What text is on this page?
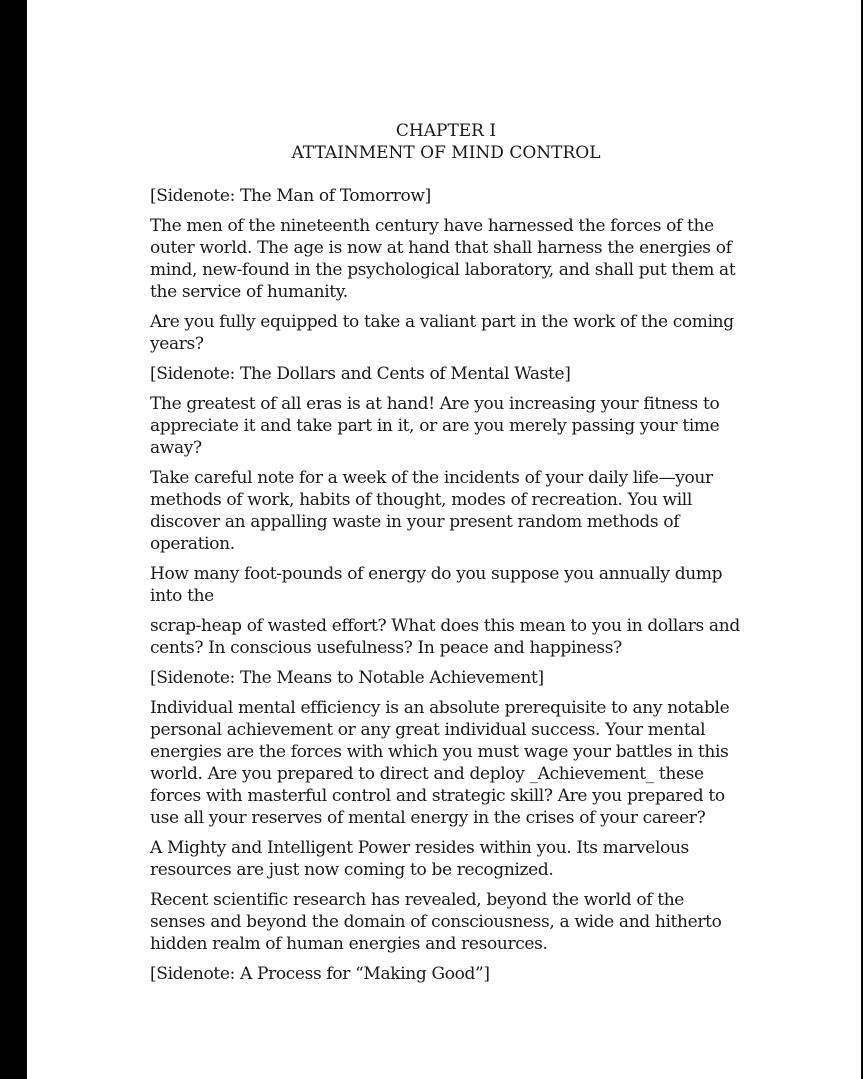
CHAPTER I
ATTAINMENT OF MIND CONTROL

[Sidenote: The Man of Tomorrow]

The men of the nineteenth century have harnessed the forces of the outer world. The age is now at hand that shall harness the energies of mind, new-found in the psychological laboratory, and shall put them at the service of humanity.

Are you fully equipped to take a valiant part in the work of the coming years?

[Sidenote: The Dollars and Cents of Mental Waste]

The greatest of all eras is at hand! Are you increasing your fitness to appreciate it and take part in it, or are you merely passing your time away?

Take careful note for a week of the incidents of your daily life—your methods of work, habits of thought, modes of recreation. You will discover an appalling waste in your present random methods of operation.

How many foot-pounds of energy do you suppose you annually dump into the

scrap-heap of wasted effort? What does this mean to you in dollars and cents? In conscious usefulness? In peace and happiness?

[Sidenote: The Means to Notable Achievement]

Individual mental efficiency is an absolute prerequisite to any notable personal achievement or any great individual success. Your mental energies are the forces with which you must wage your battles in this world. Are you prepared to direct and deploy _Achievement_ these forces with masterful control and strategic skill? Are you prepared to use all your reserves of mental energy in the crises of your career?

A Mighty and Intelligent Power resides within you. Its marvelous resources are just now coming to be recognized.

Recent scientific research has revealed, beyond the world of the senses and beyond the domain of consciousness, a wide and hitherto hidden realm of human energies and resources.

[Sidenote: A Process for “Making Good”]
